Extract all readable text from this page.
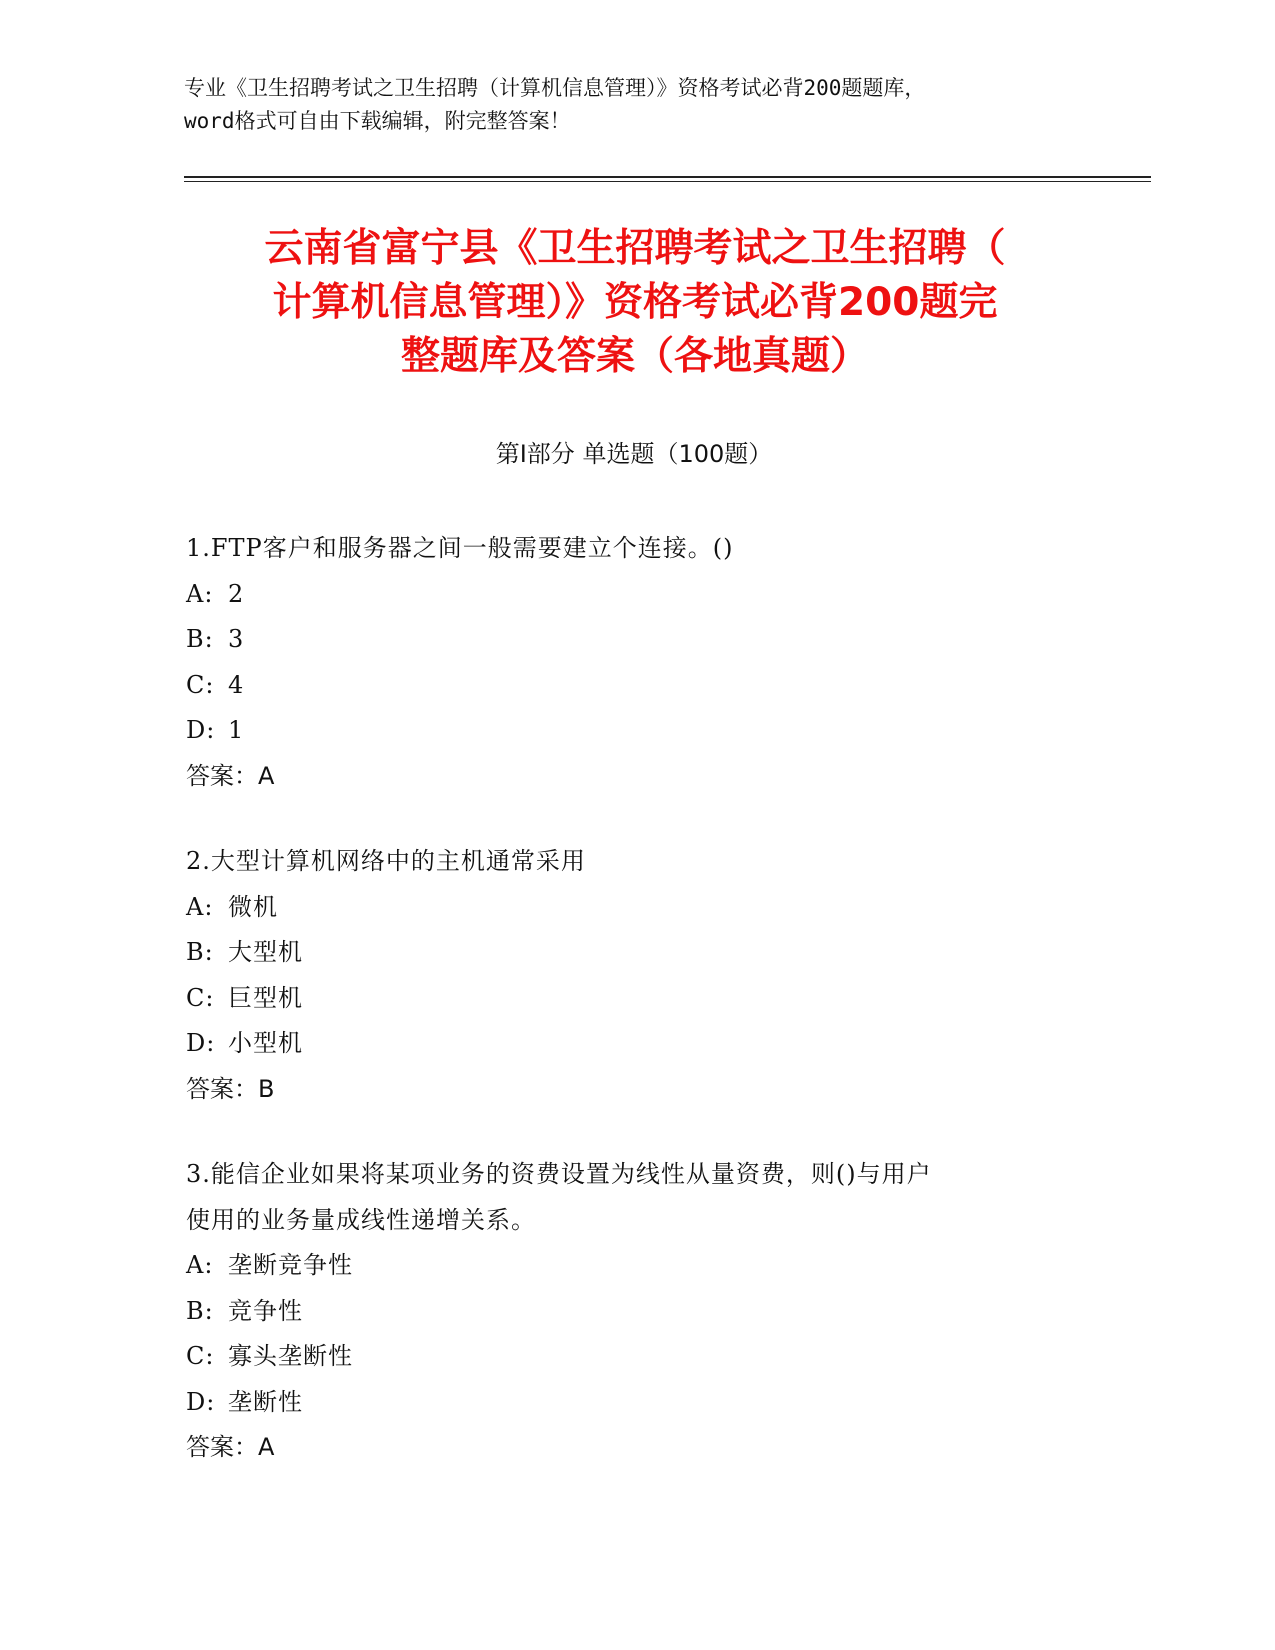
专业《卫生招聘考试之卫生招聘（计算机信息管理）》资格考试必背200题题库，
word格式可自由下载编辑，附完整答案！
云南省富宁县《卫生招聘考试之卫生招聘（
计算机信息管理）》资格考试必背200题完
整题库及答案（各地真题）
第Ⅰ部分 单选题（100题）
1.FTP客户和服务器之间一般需要建立个连接。()
A: 2
B: 3
C: 4
D: 1
答案：A
2.大型计算机网络中的主机通常采用
A: 微机
B: 大型机
C: 巨型机
D: 小型机
答案：B
3.能信企业如果将某项业务的资费设置为线性从量资费，则()与用户
使用的业务量成线性递增关系。
A: 垄断竞争性
B: 竞争性
C: 寡头垄断性
D: 垄断性
答案：A
